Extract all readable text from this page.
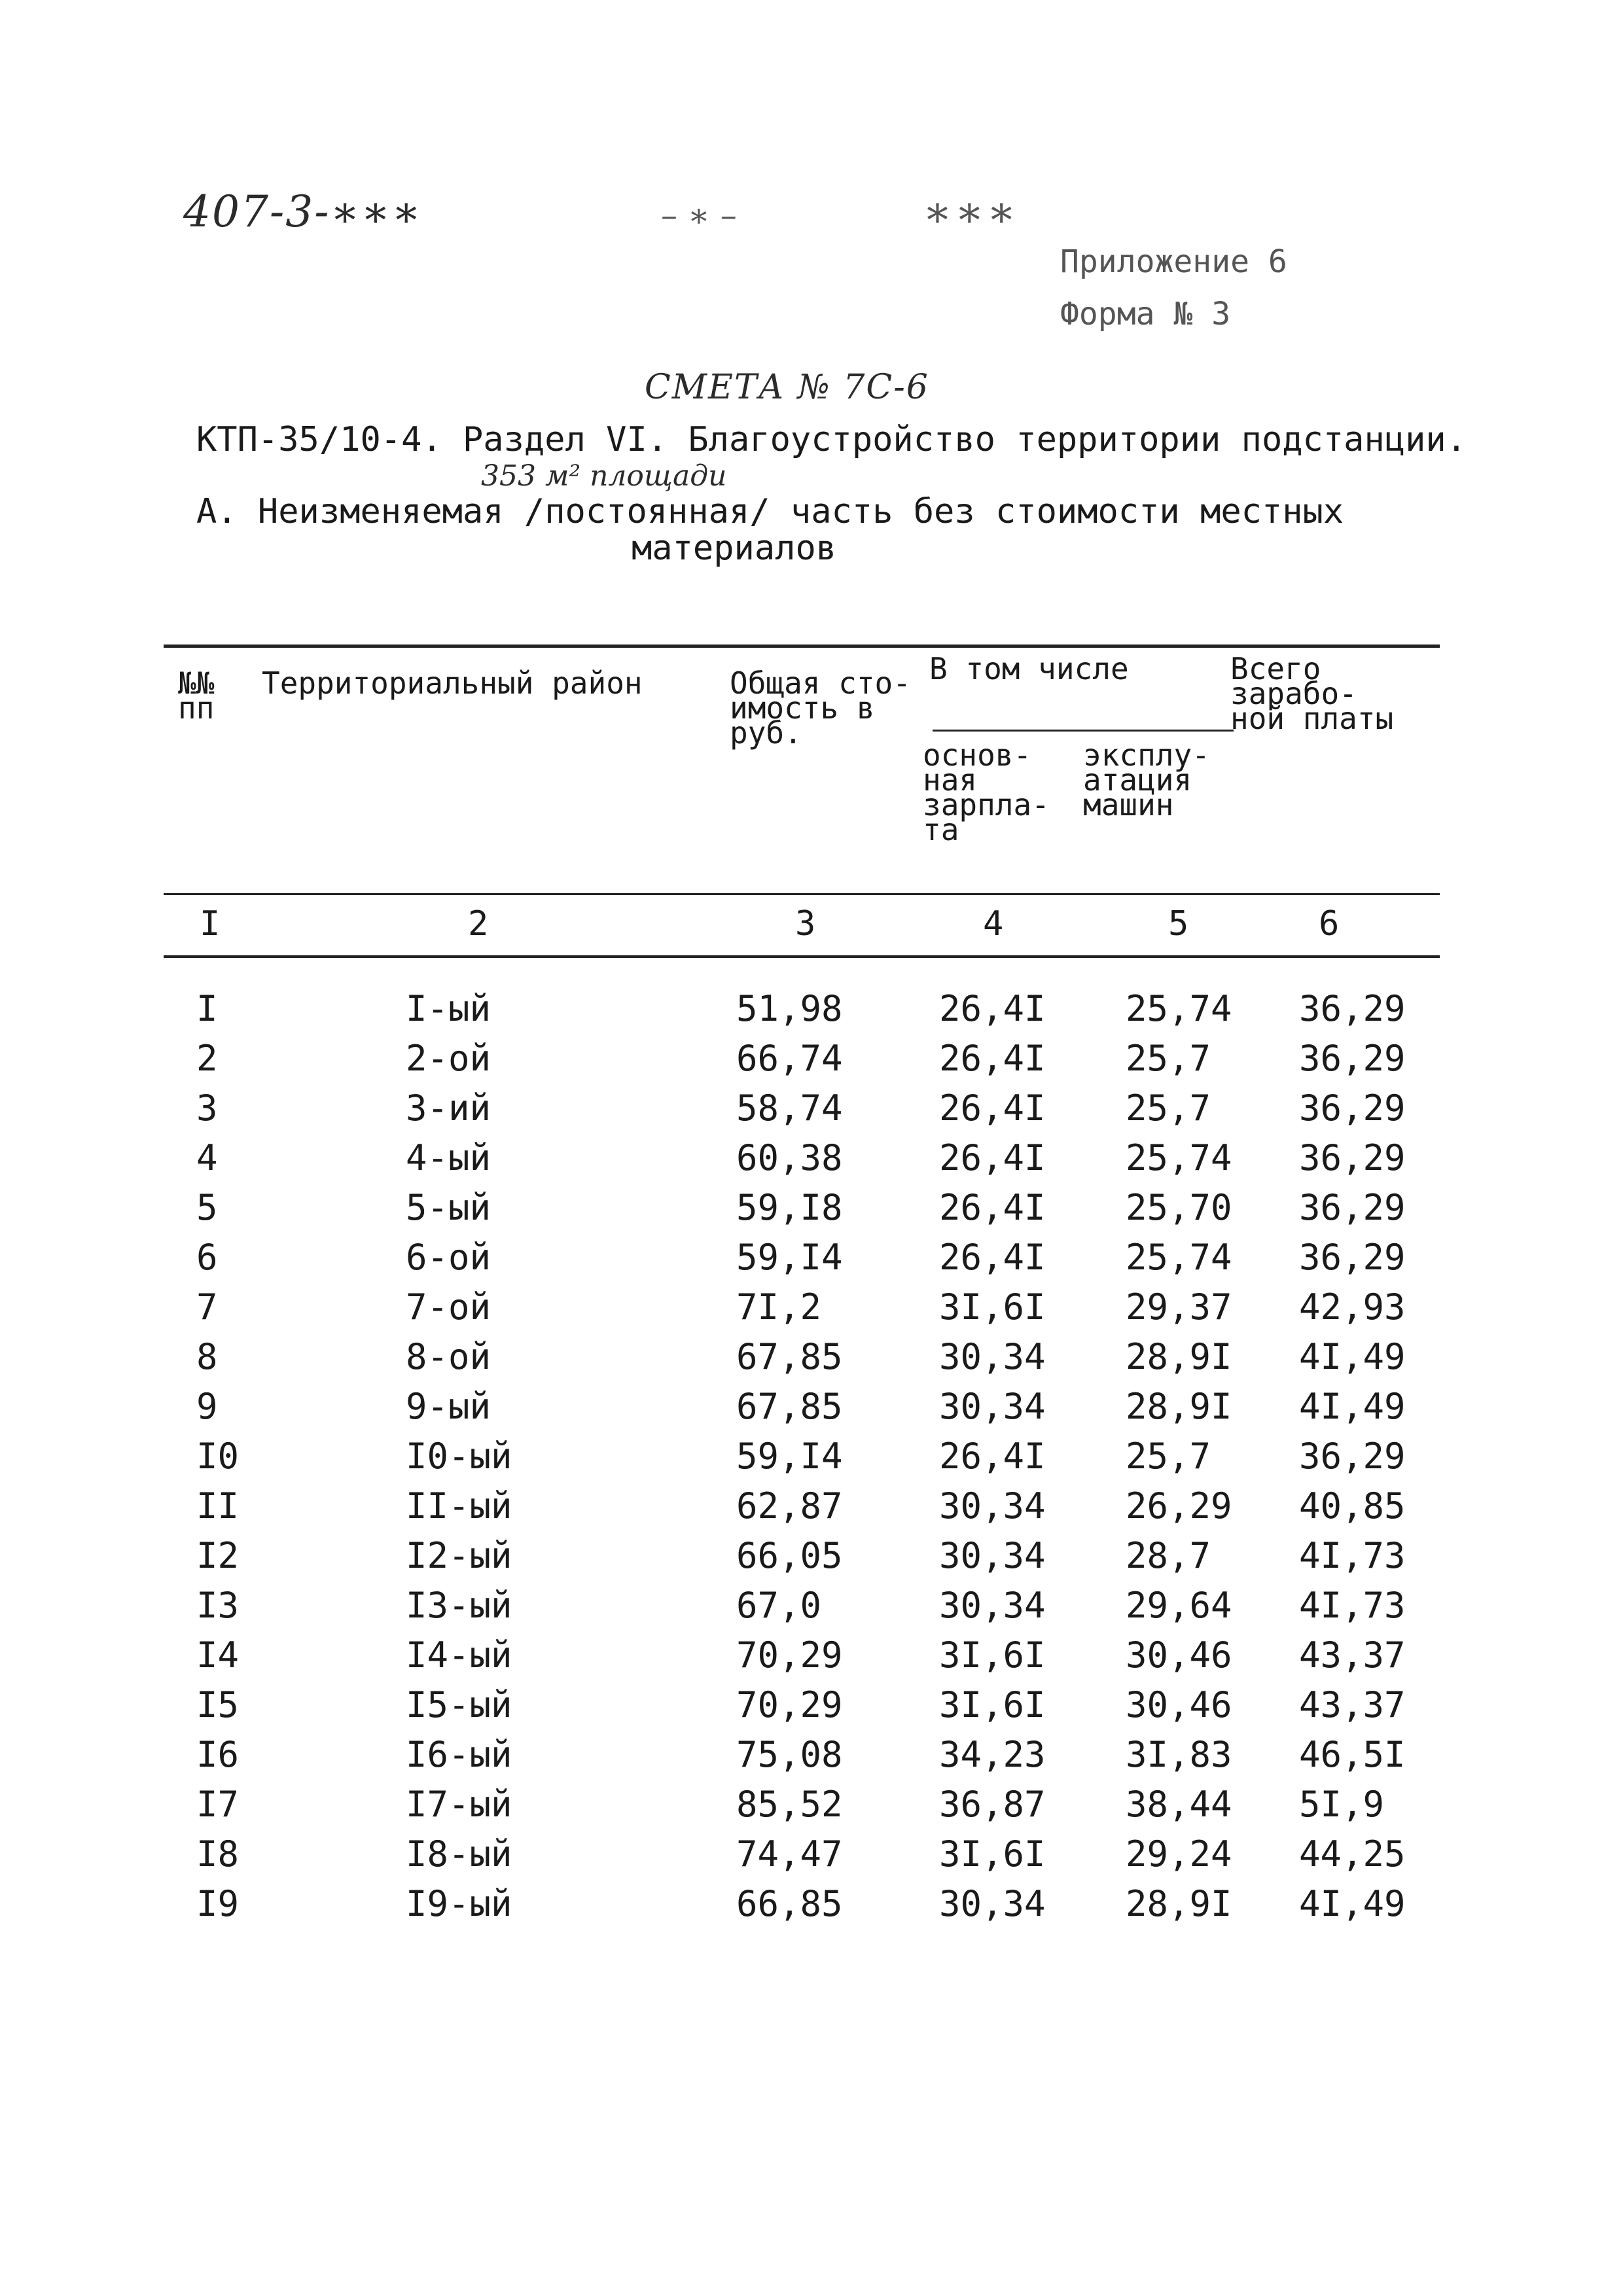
407-3-∗∗∗	– ∗ –	∗∗∗
Приложение 6
Форма № 3
СМЕТА № 7С-6
КТП-35/10-4. Раздел VI. Благоустройство территории подстанции.
353 м² площади
А. Неизменяемая /постоянная/ часть без стоимости местных
материалов
№№
пп
Территориальный район	Общая сто-
имость в
руб.
В том числе
основ-
ная
зарпла-
та
эксплу-
атация
машин
Всего
зарабо-
ной платы
I	2	3	4	5	6
I	I-ый	51,98	26,4I 25,74 36,29
2	2-ой	66,74	26,4I 25,7 36,29
3	3-ий	58,74	26,4I 25,7 36,29
4	4-ый	60,38	26,4I 25,74 36,29
5	5-ый	59,I8	26,4I 25,70 36,29
6	6-ой	59,I4	26,4I 25,74 36,29
7	7-ой	7I,2	3I,6I 29,37 42,93
8	8-ой	67,85	30,34 28,9I 4I,49
9	9-ый	67,85	30,34 28,9I 4I,49
I0	I0-ый	59,I4	26,4I 25,7 36,29
II	II-ый	62,87	30,34 26,29 40,85
I2	I2-ый	66,05	30,34 28,7 4I,73
I3	I3-ый	67,0	30,34 29,64 4I,73
I4	I4-ый	70,29	3I,6I 30,46 43,37
I5	I5-ый	70,29	3I,6I 30,46 43,37
I6	I6-ый	75,08	34,23 3I,83 46,5I
I7	I7-ый	85,52	36,87 38,44 5I,9
I8	I8-ый	74,47	3I,6I 29,24 44,25
I9	I9-ый	66,85	30,34 28,9I 4I,49
